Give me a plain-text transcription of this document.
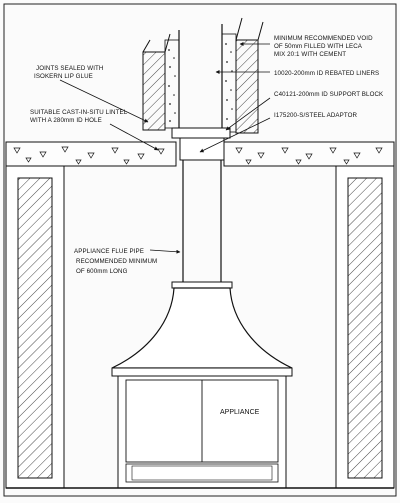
MINIMUM RECOMMENDED VOID
OF 50mm FILLED WITH LECA
MIX 20:1 WITH CEMENT
JOINTS SEALED WITH
ISOKERN LIP GLUE	10020-200mm ID REBATED LINERS
C40121-200mm ID SUPPORT BLOCK
SUITABLE CAST-IN-SITU LINTEL
WITH A 280mm ID HOLE
I175200-S/STEEL ADAPTOR
APPLIANCE FLUE PIPE
RECOMMENDED MINIMUM
OF 600mm LONG
APPLIANCE
